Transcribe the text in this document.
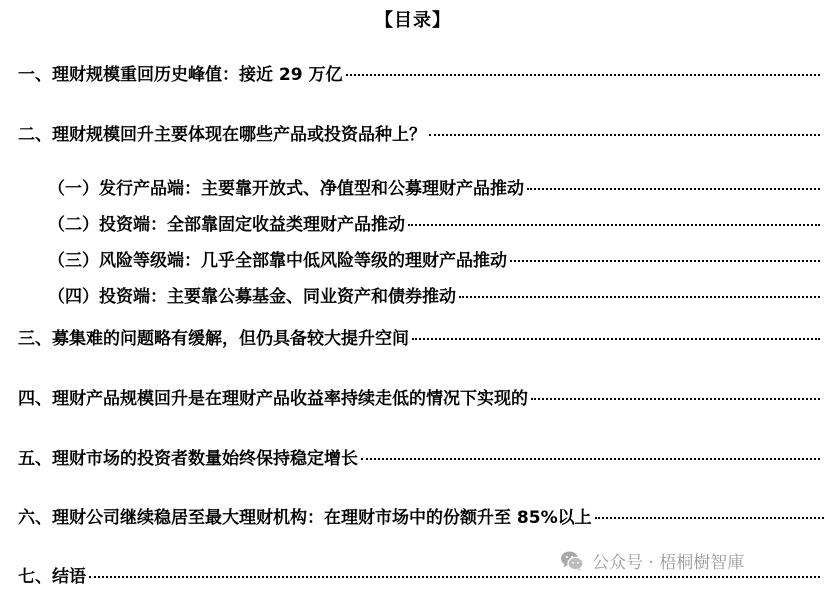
【目录】
一、理财规模重回历史峰值：接近 29 万亿
二、理财规模回升主要体现在哪些产品或投资品种上？
（一）发行产品端：主要靠开放式、净值型和公募理财产品推动
（二）投资端：全部靠固定收益类理财产品推动
（三）风险等级端：几乎全部靠中低风险等级的理财产品推动
（四）投资端：主要靠公募基金、同业资产和债券推动
三、募集难的问题略有缓解，但仍具备较大提升空间
四、理财产品规模回升是在理财产品收益率持续走低的情况下实现的
五、理财市场的投资者数量始终保持稳定增长
六、理财公司继续稳居至最大理财机构：在理财市场中的份额升至 85%以上
七、结语
公众号 · 梧桐樹智庫
